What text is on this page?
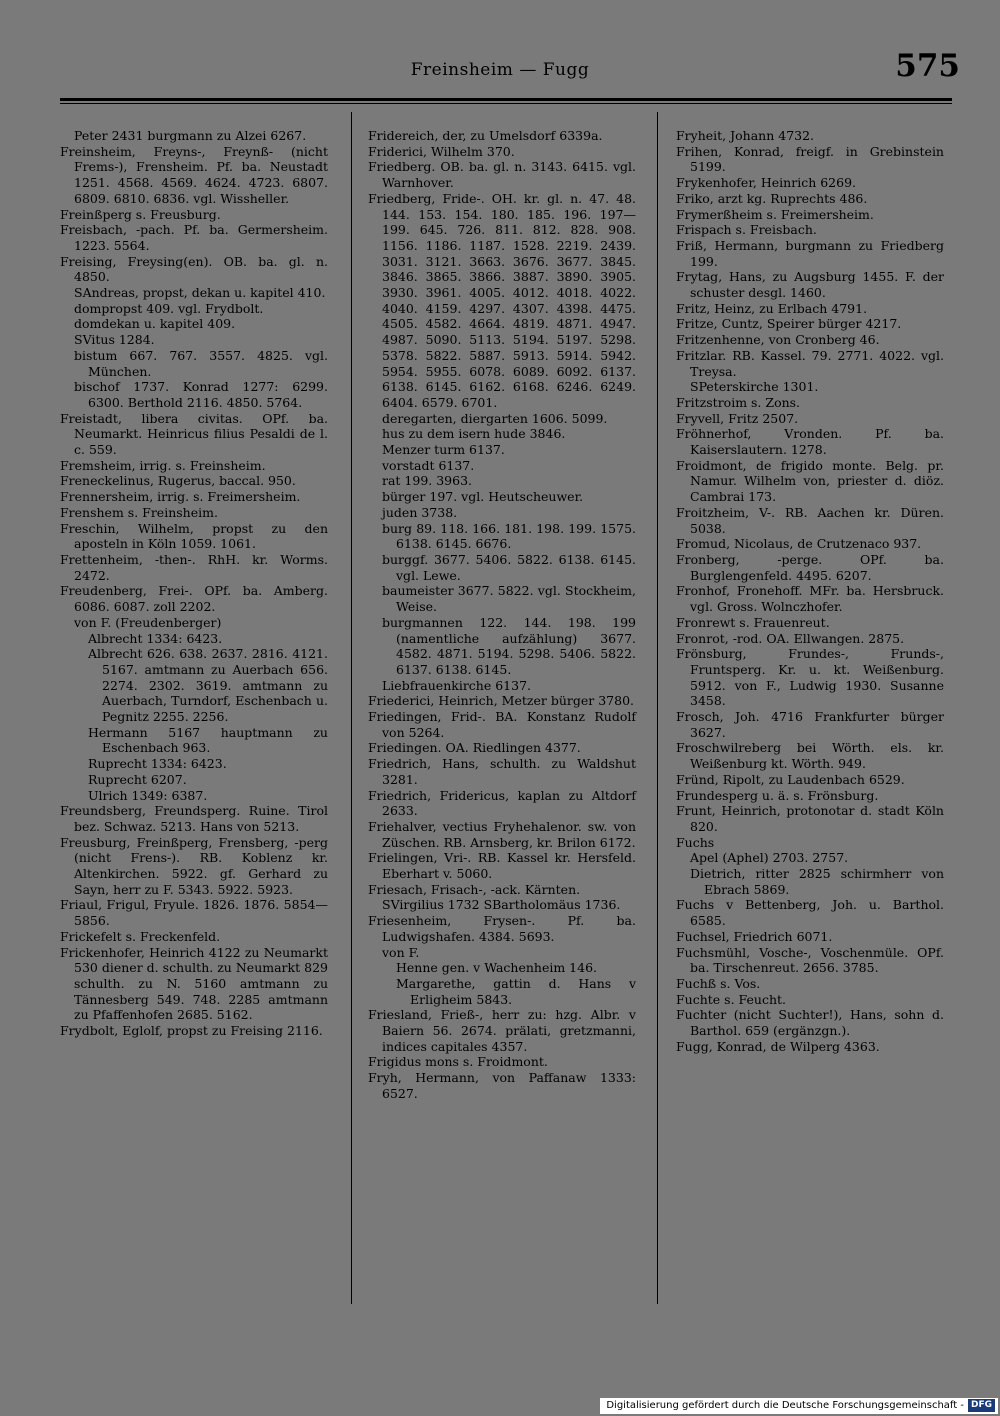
Freinsheim — Fugg	575
Peter 2431 burgmann zu Alzei 6267.
Freinsheim, Freyns-, Freynß- (nicht Frems-), Frensheim. Pf. ba. Neustadt 1251. 4568. 4569. 4624. 4723. 6807. 6809. 6810. 6836. vgl. Wissheller.
Freinßperg s. Freusburg.
Freisbach, -pach. Pf. ba. Germersheim. 1223. 5564.
Freising, Freysing(en). OB. ba. gl. n. 4850.
SAndreas, propst, dekan u. kapitel 410.
dompropst 409. vgl. Frydbolt.
domdekan u. kapitel 409.
SVitus 1284.
bistum 667. 767. 3557. 4825. vgl. München.
bischof 1737. Konrad 1277: 6299. 6300. Berthold 2116. 4850. 5764.
Freistadt, libera civitas. OPf. ba. Neumarkt. Heinricus filius Pesaldi de l. c. 559.
Fremsheim, irrig. s. Freinsheim.
Freneckelinus, Rugerus, baccal. 950.
Frennersheim, irrig. s. Freimersheim.
Frenshem s. Freinsheim.
Freschin, Wilhelm, propst zu den aposteln in Köln 1059. 1061.
Frettenheim, -then-. RhH. kr. Worms. 2472.
Freudenberg, Frei-. OPf. ba. Amberg. 6086. 6087. zoll 2202.
von F. (Freudenberger)
Albrecht 1334: 6423.
Albrecht 626. 638. 2637. 2816. 4121. 5167. amtmann zu Auerbach 656. 2274. 2302. 3619. amtmann zu Auerbach, Turndorf, Eschenbach u. Pegnitz 2255. 2256.
Hermann 5167 hauptmann zu Eschenbach 963.
Ruprecht 1334: 6423.
Ruprecht 6207.
Ulrich 1349: 6387.
Freundsberg, Freundsperg. Ruine. Tirol bez. Schwaz. 5213. Hans von 5213.
Freusburg, Freinßperg, Frensberg, -perg (nicht Frens-). RB. Koblenz kr. Altenkirchen. 5922. gf. Gerhard zu Sayn, herr zu F. 5343. 5922. 5923.
Friaul, Frigul, Fryule. 1826. 1876. 5854—5856.
Frickefelt s. Freckenfeld.
Frickenhofer, Heinrich 4122 zu Neumarkt 530 diener d. schulth. zu Neumarkt 829 schulth. zu N. 5160 amtmann zu Tännesberg 549. 748. 2285 amtmann zu Pfaffenhofen 2685. 5162.
Frydbolt, Eglolf, propst zu Freising 2116.
Fridereich, der, zu Umelsdorf 6339a.
Friderici, Wilhelm 370.
Friedberg. OB. ba. gl. n. 3143. 6415. vgl. Warnhover.
Friedberg, Fride-. OH. kr. gl. n. 47. 48. 144. 153. 154. 180. 185. 196. 197—199. 645. 726. 811. 812. 828. 908. 1156. 1186. 1187. 1528. 2219. 2439. 3031. 3121. 3663. 3676. 3677. 3845. 3846. 3865. 3866. 3887. 3890. 3905. 3930. 3961. 4005. 4012. 4018. 4022. 4040. 4159. 4297. 4307. 4398. 4475. 4505. 4582. 4664. 4819. 4871. 4947. 4987. 5090. 5113. 5194. 5197. 5298. 5378. 5822. 5887. 5913. 5914. 5942. 5954. 5955. 6078. 6089. 6092. 6137. 6138. 6145. 6162. 6168. 6246. 6249. 6404. 6579. 6701.
deregarten, diergarten 1606. 5099.
hus zu dem isern hude 3846.
Menzer turm 6137.
vorstadt 6137.
rat 199. 3963.
bürger 197. vgl. Heutscheuwer.
juden 3738.
burg 89. 118. 166. 181. 198. 199. 1575. 6138. 6145. 6676.
burggf. 3677. 5406. 5822. 6138. 6145. vgl. Lewe.
baumeister 3677. 5822. vgl. Stockheim, Weise.
burgmannen 122. 144. 198. 199 (namentliche aufzählung) 3677. 4582. 4871. 5194. 5298. 5406. 5822. 6137. 6138. 6145.
Liebfrauenkirche 6137.
Friederici, Heinrich, Metzer bürger 3780.
Friedingen, Frid-. BA. Konstanz Rudolf von 5264.
Friedingen. OA. Riedlingen 4377.
Friedrich, Hans, schulth. zu Waldshut 3281.
Friedrich, Fridericus, kaplan zu Altdorf 2633.
Friehalver, vectius Fryhehalenor. sw. von Züschen. RB. Arnsberg, kr. Brilon 6172.
Frielingen, Vri-. RB. Kassel kr. Hersfeld. Eberhart v. 5060.
Friesach, Frisach-, -ack. Kärnten.
SVirgilius 1732 SBartholomäus 1736.
Friesenheim, Frysen-. Pf. ba. Ludwigshafen. 4384. 5693.
von F.
Henne gen. v Wachenheim 146.
Margarethe, gattin d. Hans v Erligheim 5843.
Friesland, Frieß-, herr zu: hzg. Albr. v Baiern 56. 2674. prälati, gretzmanni, indices capitales 4357.
Frigidus mons s. Froidmont.
Fryh, Hermann, von Paffanaw 1333: 6527.
Fryheit, Johann 4732.
Frihen, Konrad, freigf. in Grebinstein 5199.
Frykenhofer, Heinrich 6269.
Friko, arzt kg. Ruprechts 486.
Frymerßheim s. Freimersheim.
Frispach s. Freisbach.
Friß, Hermann, burgmann zu Friedberg 199.
Frytag, Hans, zu Augsburg 1455. F. der schuster desgl. 1460.
Fritz, Heinz, zu Erlbach 4791.
Fritze, Cuntz, Speirer bürger 4217.
Fritzenhenne, von Cronberg 46.
Fritzlar. RB. Kassel. 79. 2771. 4022. vgl. Treysa.
SPeterskirche 1301.
Fritzstroim s. Zons.
Fryvell, Fritz 2507.
Fröhnerhof, Vronden. Pf. ba. Kaiserslautern. 1278.
Froidmont, de frigido monte. Belg. pr. Namur. Wilhelm von, priester d. diöz. Cambrai 173.
Froitzheim, V-. RB. Aachen kr. Düren. 5038.
Fromud, Nicolaus, de Crutzenaco 937.
Fronberg, -perge. OPf. ba. Burglengenfeld. 4495. 6207.
Fronhof, Fronehoff. MFr. ba. Hersbruck. vgl. Gross. Wolnczhofer.
Fronrewt s. Frauenreut.
Fronrot, -rod. OA. Ellwangen. 2875.
Frönsburg, Frundes-, Frunds-, Fruntsperg. Kr. u. kt. Weißenburg. 5912. von F., Ludwig 1930. Susanne 3458.
Frosch, Joh. 4716 Frankfurter bürger 3627.
Froschwilreberg bei Wörth. els. kr. Weißenburg kt. Wörth. 949.
Fründ, Ripolt, zu Laudenbach 6529.
Frundesperg u. ä. s. Frönsburg.
Frunt, Heinrich, protonotar d. stadt Köln 820.
Fuchs
Apel (Aphel) 2703. 2757.
Dietrich, ritter 2825 schirmherr von Ebrach 5869.
Fuchs v Bettenberg, Joh. u. Barthol. 6585.
Fuchsel, Friedrich 6071.
Fuchsmühl, Vosche-, Voschenmüle. OPf. ba. Tirschenreut. 2656. 3785.
Fuchß s. Vos.
Fuchte s. Feucht.
Fuchter (nicht Suchter!), Hans, sohn d. Barthol. 659 (ergänzgn.).
Fugg, Konrad, de Wilperg 4363.
Digitalisierung gefördert durch die Deutsche Forschungsgemeinschaft - DFG
